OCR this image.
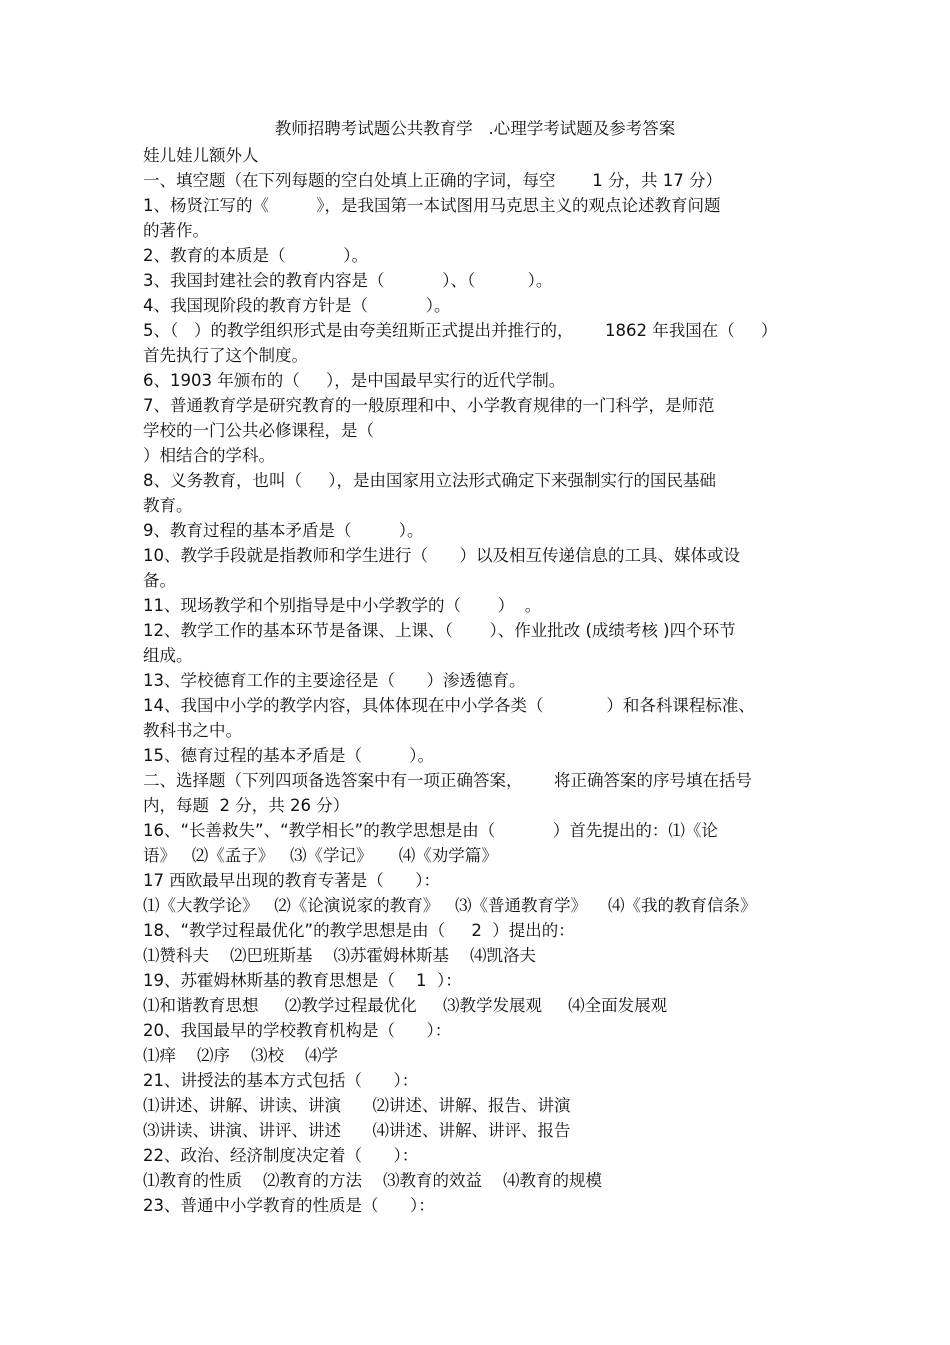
教师招聘考试题公共教育学   .心理学考试题及参考答案
娃儿娃儿额外人
一、填空题（在下列每题的空白处填上正确的字词，每空       1 分，共 17 分）
1、杨贤江写的《         》，是我国第一本试图用马克思主义的观点论述教育问题
的著作。
2、教育的本质是（           ）。
3、我国封建社会的教育内容是（           ）、（          ）。
4、我国现阶段的教育方针是（           ）。
5、（   ）的教学组织形式是由夸美纽斯正式提出并推行的，      1862 年我国在（     ）
首先执行了这个制度。
6、1903 年颁布的（     ），是中国最早实行的近代学制。
7、普通教育学是研究教育的一般原理和中、小学教育规律的一门科学，是师范
学校的一门公共必修课程，是（
）相结合的学科。
8、义务教育，也叫（     ），是由国家用立法形式确定下来强制实行的国民基础
教育。
9、教育过程的基本矛盾是（         ）。
10、教学手段就是指教师和学生进行（      ）以及相互传递信息的工具、媒体或设
备。
11、现场教学和个别指导是中小学教学的（       ）  。
12、教学工作的基本环节是备课、上课、（       ）、作业批改 (成绩考核 )四个环节
组成。
13、学校德育工作的主要途径是（      ）渗透德育。
14、我国中小学的教学内容，具体体现在中小学各类（            ）和各科课程标准、
教科书之中。
15、德育过程的基本矛盾是（         ）。
二、选择题（下列四项备选答案中有一项正确答案，      将正确答案的序号填在括号
内，每题  2 分，共 26 分）
16、“长善救失”、“教学相长”的教学思想是由（           ）首先提出的：⑴《论
语》   ⑵《孟子》   ⑶《学记》     ⑷《劝学篇》
17 西欧最早出现的教育专著是（      ）：
⑴《大教学论》   ⑵《论演说家的教育》   ⑶《普通教育学》    ⑷《我的教育信条》
18、“教学过程最优化”的教学思想是由（     2  ）提出的：
⑴赞科夫    ⑵巴班斯基    ⑶苏霍姆林斯基    ⑷凯洛夫
19、苏霍姆林斯基的教育思想是（    1  ）：
⑴和谐教育思想     ⑵教学过程最优化     ⑶教学发展观     ⑷全面发展观
20、我国最早的学校教育机构是（      ）：
⑴痒    ⑵序    ⑶校    ⑷学
21、讲授法的基本方式包括（      ）：
⑴讲述、讲解、讲读、讲演      ⑵讲述、讲解、报告、讲演
⑶讲读、讲演、讲评、讲述      ⑷讲述、讲解、讲评、报告
22、政治、经济制度决定着（      ）：
⑴教育的性质    ⑵教育的方法    ⑶教育的效益    ⑷教育的规模
23、普通中小学教育的性质是（      ）：
